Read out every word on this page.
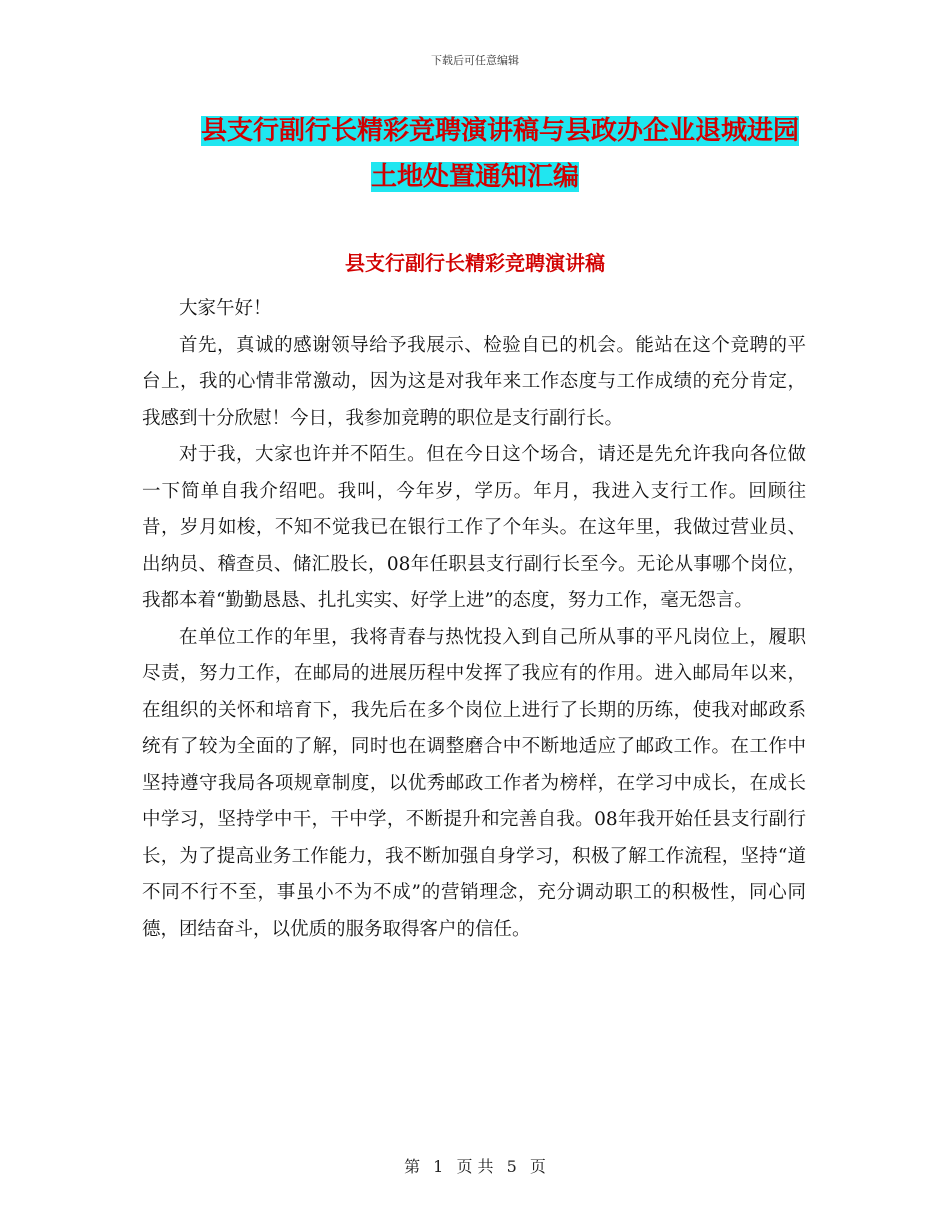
下载后可任意编辑
县支行副行长精彩竞聘演讲稿与县政办企业退城进园
土地处置通知汇编
县支行副行长精彩竞聘演讲稿

大家午好！

首先，真诚的感谢领导给予我展示、检验自已的机会。能站在这个竞聘的平台上，我的心情非常激动，因为这是对我年来工作态度与工作成绩的充分肯定，我感到十分欣慰！今日，我参加竞聘的职位是支行副行长。

对于我，大家也许并不陌生。但在今日这个场合，请还是先允许我向各位做一下简单自我介绍吧。我叫，今年岁，学历。年月，我进入支行工作。回顾往昔，岁月如梭，不知不觉我已在银行工作了个年头。在这年里，我做过营业员、出纳员、稽查员、储汇股长，08年任职县支行副行长至今。无论从事哪个岗位，我都本着“勤勤恳恳、扎扎实实、好学上进”的态度，努力工作，毫无怨言。

在单位工作的年里，我将青春与热忱投入到自己所从事的平凡岗位上，履职尽责，努力工作，在邮局的进展历程中发挥了我应有的作用。进入邮局年以来，在组织的关怀和培育下，我先后在多个岗位上进行了长期的历练，使我对邮政系统有了较为全面的了解，同时也在调整磨合中不断地适应了邮政工作。在工作中坚持遵守我局各项规章制度，以优秀邮政工作者为榜样，在学习中成长，在成长中学习，坚持学中干，干中学，不断提升和完善自我。08年我开始任县支行副行长，为了提高业务工作能力，我不断加强自身学习，积极了解工作流程，坚持“道不同不行不至，事虽小不为不成”的营销理念，充分调动职工的积极性，同心同德，团结奋斗，以优质的服务取得客户的信任。

第 1 页 共 5 页
